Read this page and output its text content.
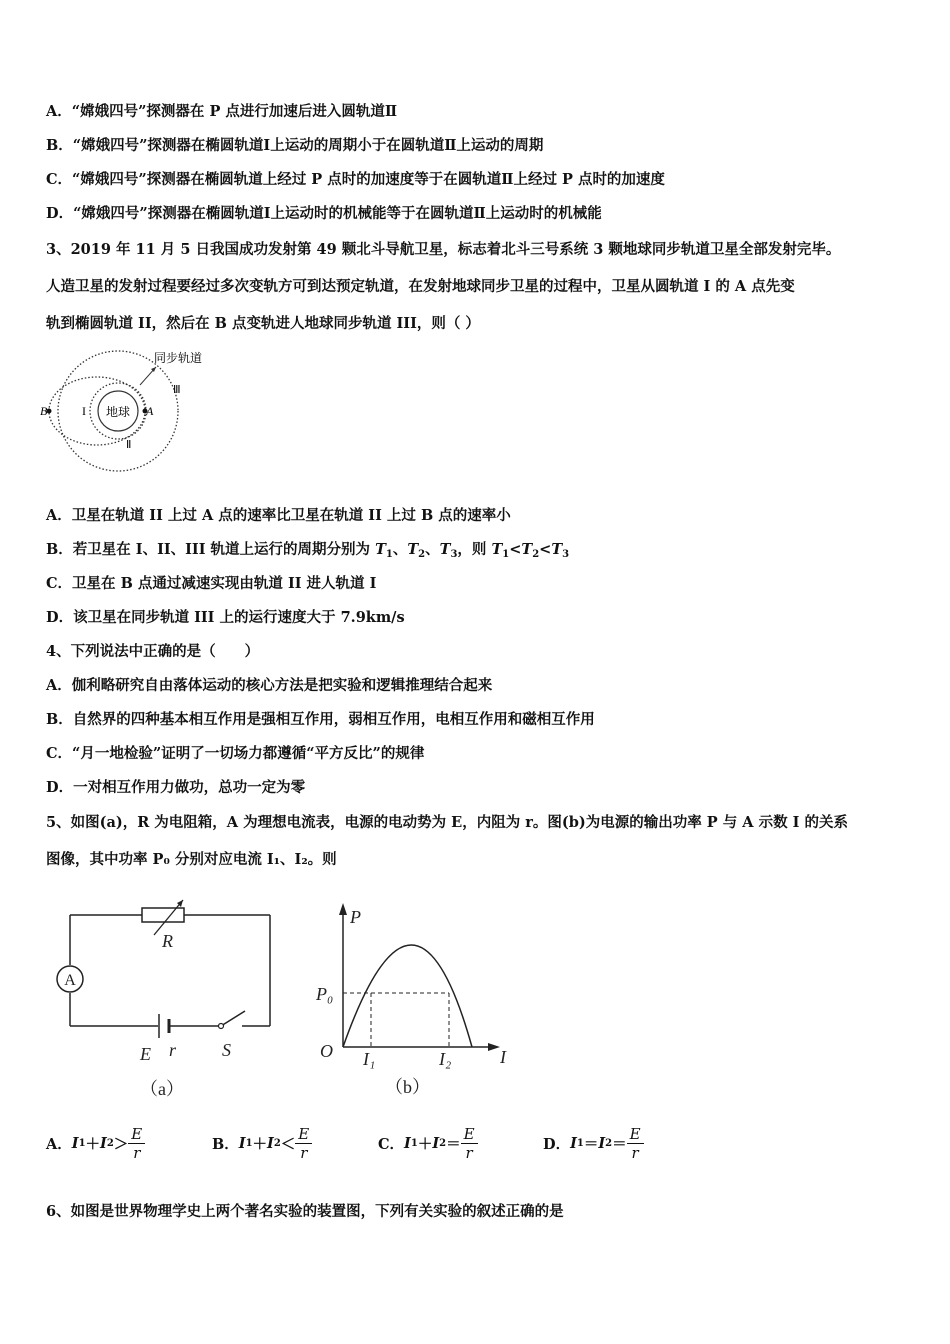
A．“嫦娥四号”探测器在 P 点进行加速后进入圆轨道Ⅱ
B．“嫦娥四号”探测器在椭圆轨道Ⅰ上运动的周期小于在圆轨道Ⅱ上运动的周期
C．“嫦娥四号”探测器在椭圆轨道上经过 P 点时的加速度等于在圆轨道Ⅱ上经过 P 点时的加速度
D．“嫦娥四号”探测器在椭圆轨道Ⅰ上运动时的机械能等于在圆轨道Ⅱ上运动时的机械能
3、2019 年 11 月 5 日我国成功发射第 49 颗北斗导航卫星，标志着北斗三号系统 3 颗地球同步轨道卫星全部发射完毕。
人造卫星的发射过程要经过多次变轨方可到达预定轨道，在发射地球同步卫星的过程中，卫星从圆轨道 I 的 A 点先变
轨到椭圆轨道 II，然后在 B 点变轨进人地球同步轨道 III，则（ ）
地球
B	A
I
Ⅱ
Ⅲ
同步轨道
A．卫星在轨道 II 上过 A 点的速率比卫星在轨道 II 上过 B 点的速率小
B．若卫星在 I、II、III 轨道上运行的周期分别为 $T_1$、$T_2$、$T_3$，则 $T_1<T_2<T_3$
C．卫星在 B 点通过减速实现由轨道 II 进人轨道 I
D．该卫星在同步轨道 III 上的运行速度大于 7.9km/s
4、下列说法中正确的是（　　）
A．伽利略研究自由落体运动的核心方法是把实验和逻辑推理结合起来
B．自然界的四种基本相互作用是强相互作用，弱相互作用，电相互作用和磁相互作用
C．“月一地检验”证明了一切场力都遵循“平方反比”的规律
D．一对相互作用力做功，总功一定为零
5、如图(a)，R 为电阻箱，A 为理想电流表，电源的电动势为 E，内阻为 r。图(b)为电源的输出功率 P 与 A 示数 I 的关系
图像，其中功率 P₀ 分别对应电流 I₁、I₂。则
R
A
E r	S
（a）
P
P₀
O I₁	I₂	I
（b）
A． I 1 ＋ I $2 > \frac{E}{r}$	B． I 1 ＋ I $2 < \frac{E}{r}$	C． I 1 ＋ I $2 = \frac{E}{r}$	D． I 1 ＝ I $2 = \frac{E}{r}$
6、如图是世界物理学史上两个著名实验的装置图，下列有关实验的叙述正确的是
